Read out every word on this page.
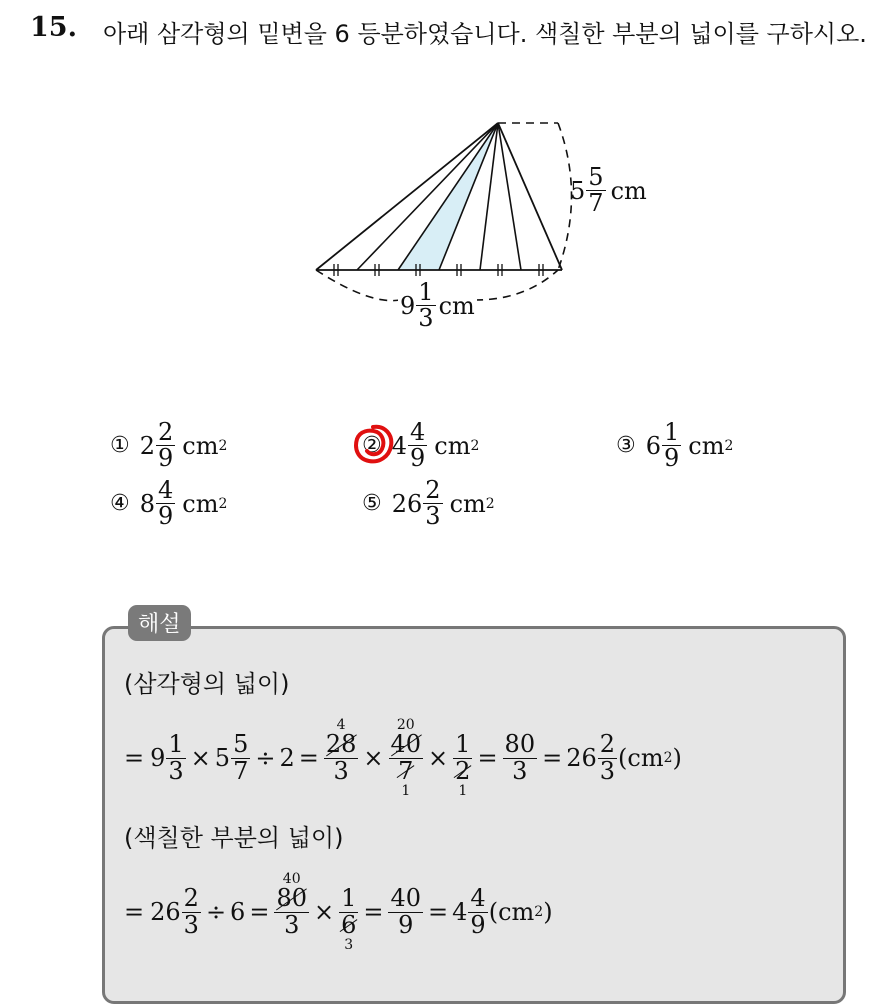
15. 아래 삼각형의 밑변을 6 등분하였습니다. 색칠한 부분의 넓이를 구하시오.
$5 \frac{5}{7}$ cm
$9 \frac{1}{3}$ cm
① $2 \frac{2}{9}$ cm 2	② $4 \frac{4}{9}$ cm 2	③ $6 \frac{1}{9}$ cm 2
④ $8 \frac{4}{9}$ cm 2	⑤ $26 \frac{2}{3}$ cm 2
해설
(삼각형의 넓이)
= $9 \frac{1}{3} \times 5 \frac{5}{7} \div 2$ =
4
$\frac{28}{3}$
×
20
$\frac{40}{7}$
1
×
$\frac{1}{2}$
1
= $\frac{80}{3} = 26 \frac{2}{3} (cm$ 2 )
(색칠한 부분의 넓이)
= $26 \frac{2}{3} \div 6$ =
40
$\frac{80}{3}$
×
$\frac{1}{6}$
3
= $\frac{40}{9} = 4 \frac{4}{9} (cm$ 2 )
